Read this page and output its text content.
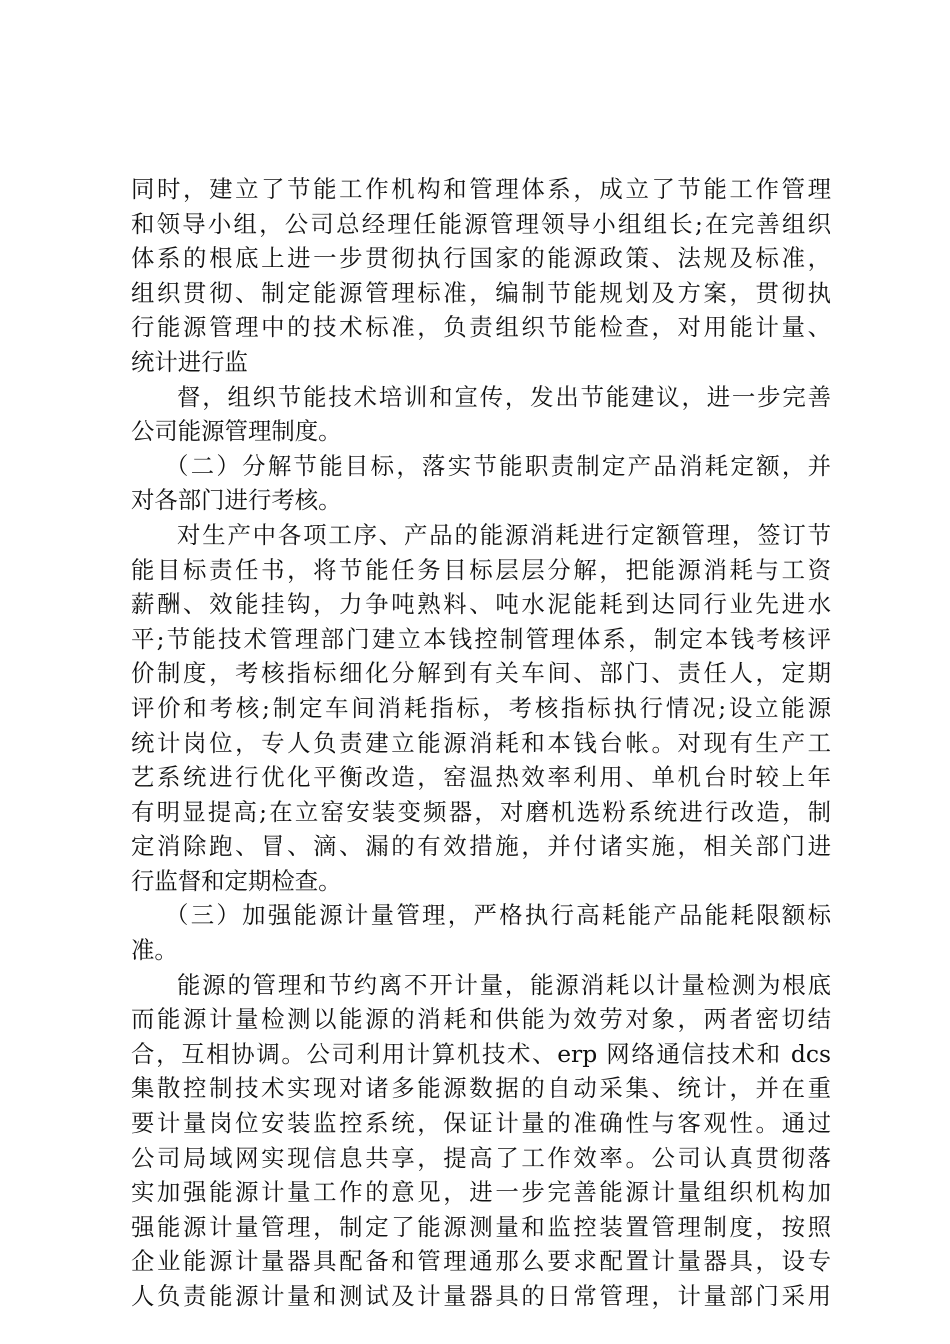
同时，建立了节能工作机构和管理体系，成立了节能工作管理
和领导小组，公司总经理任能源管理领导小组组长;在完善组织
体系的根底上进一步贯彻执行国家的能源政策、法规及标准，
组织贯彻、制定能源管理标准，编制节能规划及方案，贯彻执
行能源管理中的技术标准，负责组织节能检查，对用能计量、
统计进行监
督，组织节能技术培训和宣传，发出节能建议，进一步完善
公司能源管理制度。
（二）分解节能目标，落实节能职责制定产品消耗定额，并
对各部门进行考核。
对生产中各项工序、产品的能源消耗进行定额管理，签订节
能目标责任书，将节能任务目标层层分解，把能源消耗与工资
薪酬、效能挂钩，力争吨熟料、吨水泥能耗到达同行业先进水
平;节能技术管理部门建立本钱控制管理体系，制定本钱考核评
价制度，考核指标细化分解到有关车间、部门、责任人，定期
评价和考核;制定车间消耗指标，考核指标执行情况;设立能源
统计岗位，专人负责建立能源消耗和本钱台帐。对现有生产工
艺系统进行优化平衡改造，窑温热效率利用、单机台时较上年
有明显提高;在立窑安装变频器，对磨机选粉系统进行改造，制
定消除跑、冒、滴、漏的有效措施，并付诸实施，相关部门进
行监督和定期检查。
（三）加强能源计量管理，严格执行高耗能产品能耗限额标
准。
能源的管理和节约离不开计量，能源消耗以计量检测为根底
而能源计量检测以能源的消耗和供能为效劳对象，两者密切结
合，互相协调。公司利用计算机技术、erp 网络通信技术和 dcs
集散控制技术实现对诸多能源数据的自动采集、统计，并在重
要计量岗位安装监控系统，保证计量的准确性与客观性。通过
公司局域网实现信息共享，提高了工作效率。公司认真贯彻落
实加强能源计量工作的意见，进一步完善能源计量组织机构加
强能源计量管理，制定了能源测量和监控装置管理制度，按照
企业能源计量器具配备和管理通那么要求配置计量器具，设专
人负责能源计量和测试及计量器具的日常管理，计量部门采用
